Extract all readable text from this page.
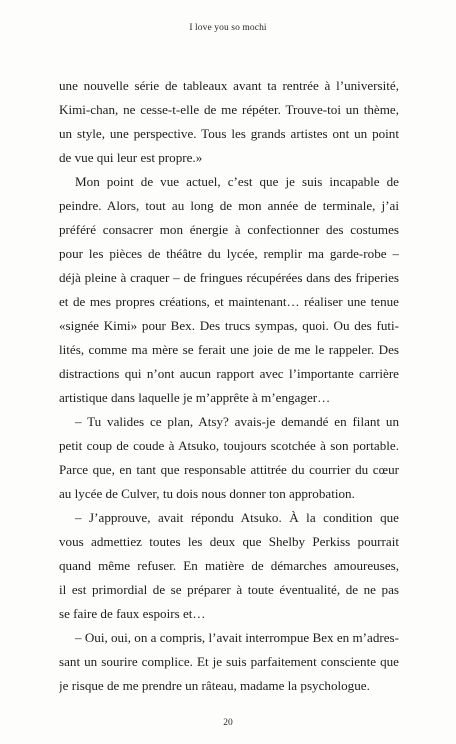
I love you so mochi
une nouvelle série de tableaux avant ta rentrée à l’université,
Kimi-chan, ne cesse-t-elle de me répéter. Trouve-toi un thème,
un style, une perspective. Tous les grands artistes ont un point
de vue qui leur est propre.»
Mon point de vue actuel, c’est que je suis incapable de
peindre. Alors, tout au long de mon année de terminale, j’ai
préféré consacrer mon énergie à confectionner des costumes
pour les pièces de théâtre du lycée, remplir ma garde-robe –
déjà pleine à craquer – de fringues récupérées dans des friperies
et de mes propres créations, et maintenant… réaliser une tenue
«signée Kimi» pour Bex. Des trucs sympas, quoi. Ou des futi-
lités, comme ma mère se ferait une joie de me le rappeler. Des
distractions qui n’ont aucun rapport avec l’importante carrière
artistique dans laquelle je m’apprête à m’engager…
– Tu valides ce plan, Atsy? avais-je demandé en filant un
petit coup de coude à Atsuko, toujours scotchée à son portable.
Parce que, en tant que responsable attitrée du courrier du cœur
au lycée de Culver, tu dois nous donner ton approbation.
– J’approuve, avait répondu Atsuko. À la condition que
vous admettiez toutes les deux que Shelby Perkiss pourrait
quand même refuser. En matière de démarches amoureuses,
il est primordial de se préparer à toute éventualité, de ne pas
se faire de faux espoirs et…
– Oui, oui, on a compris, l’avait interrompue Bex en m’adres-
sant un sourire complice. Et je suis parfaitement consciente que
je risque de me prendre un râteau, madame la psychologue.
20
